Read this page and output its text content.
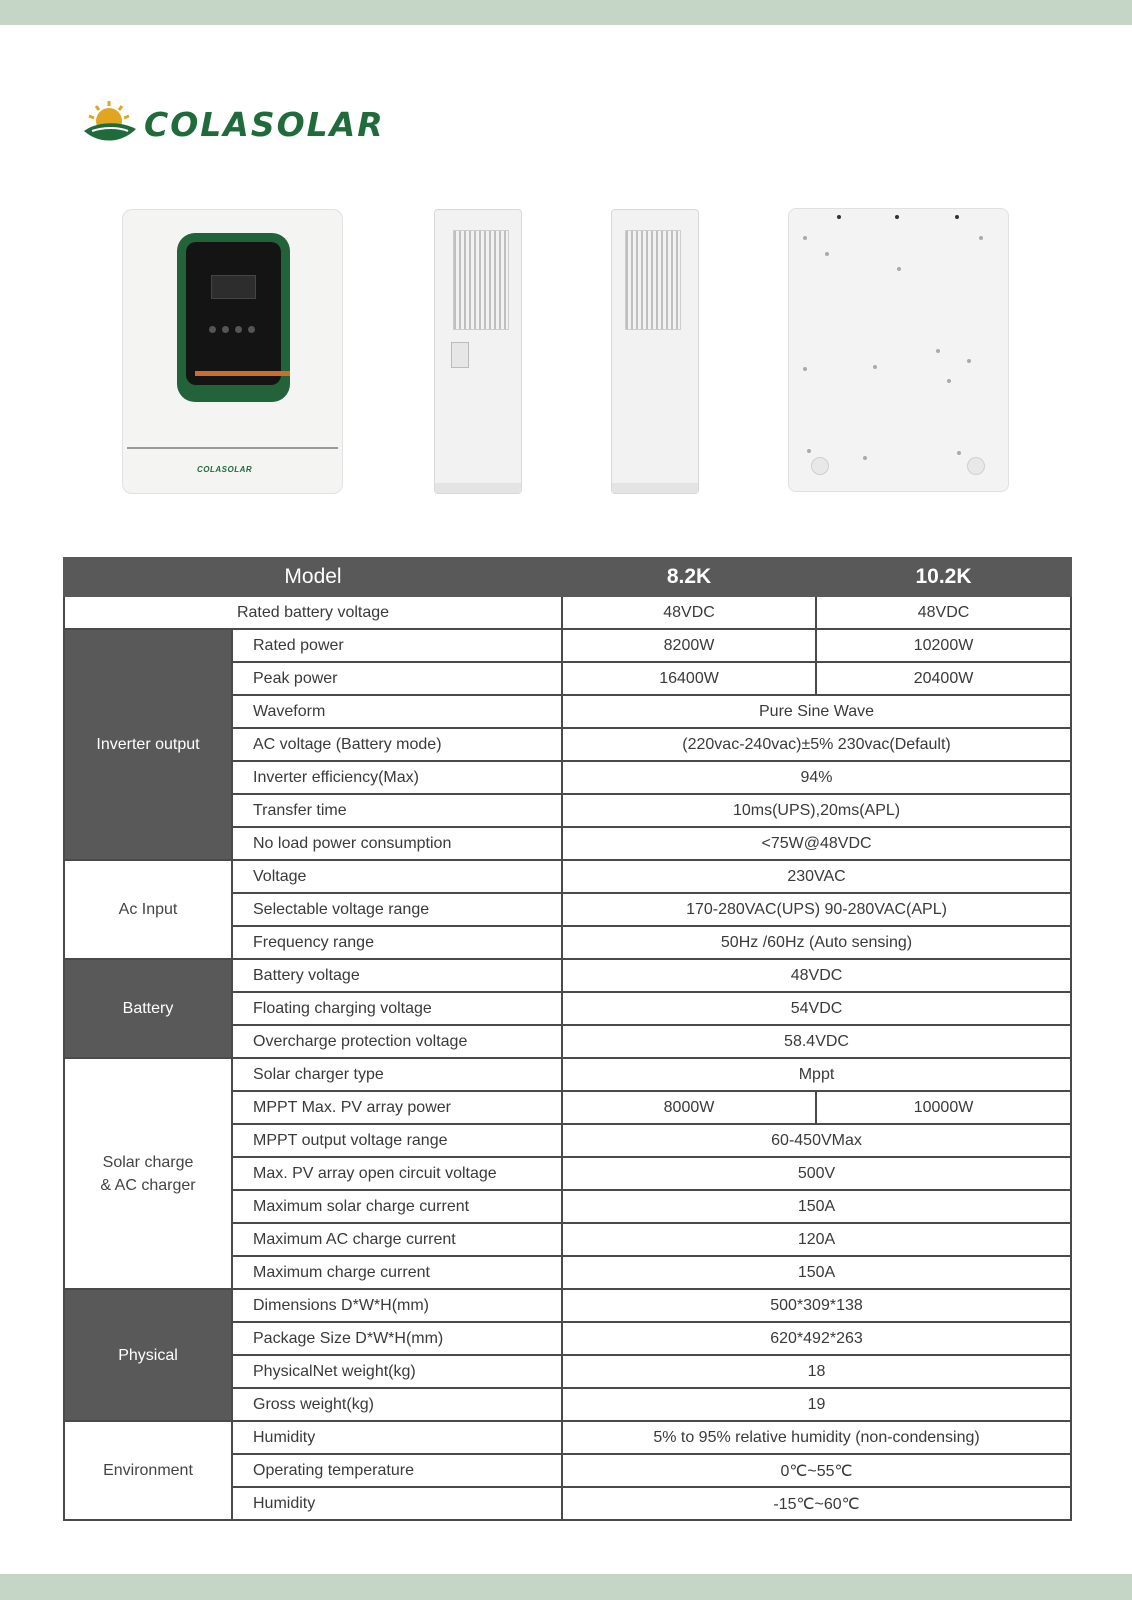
COLASOLAR
COLASOLAR
Model		8.2K	10.2K
Rated battery voltage		48VDC	48VDC
Inverter output	Rated power	8200W	10200W
	Peak power	16400W	20400W
	Waveform	Pure Sine Wave	
	AC voltage (Battery mode)	(220vac-240vac)±5% 230vac(Default)	
	Inverter efficiency(Max)	94%	
	Transfer time	10ms(UPS),20ms(APL)	
	No load power consumption	<75W@48VDC	
Ac Input	Voltage	230VAC	
	Selectable voltage range	170-280VAC(UPS) 90-280VAC(APL)	
	Frequency range	50Hz /60Hz (Auto sensing)	
Battery	Battery voltage	48VDC	
	Floating charging voltage	54VDC	
	Overcharge protection voltage	58.4VDC	
Solar charge
& AC charger	Solar charger type	Mppt	
	MPPT Max. PV array power	8000W	10000W
	MPPT output voltage range	60-450VMax	
	Max. PV array open circuit voltage	500V	
	Maximum solar charge current	150A	
	Maximum AC charge current	120A	
	Maximum charge current	150A	
Physical	Dimensions D*W*H(mm)	500*309*138	
	Package Size D*W*H(mm)	620*492*263	
	PhysicalNet weight(kg)	18	
	Gross weight(kg)	19	
Environment	Humidity	5% to 95% relative humidity (non-condensing)	
	Operating temperature	0℃~55℃	
	Humidity	-15℃~60℃	
